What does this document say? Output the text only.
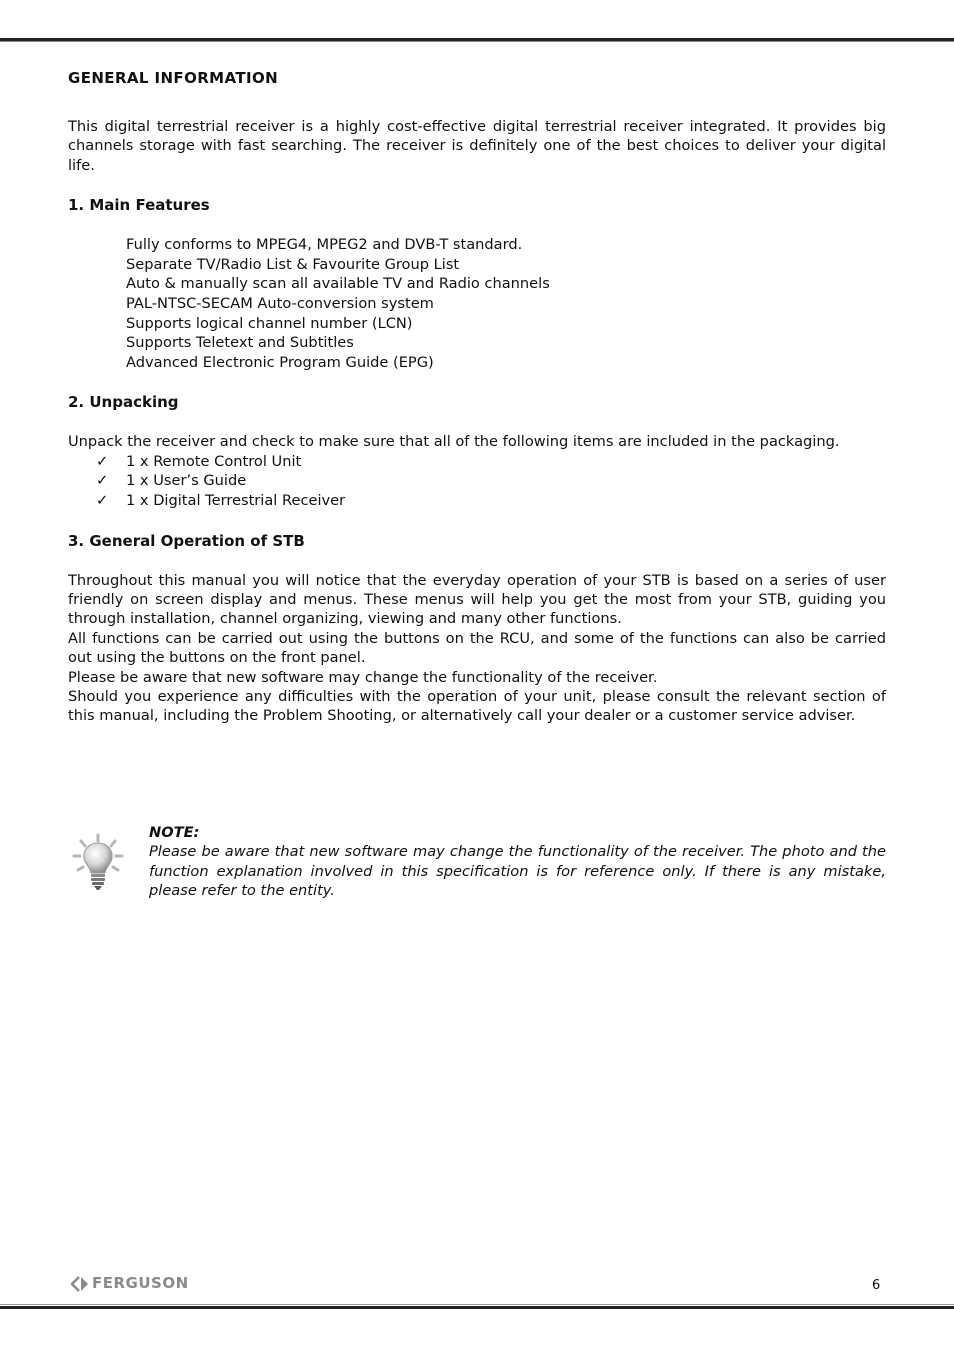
GENERAL INFORMATION

This digital terrestrial receiver is a highly cost-effective digital terrestrial receiver integrated. It provides big channels storage with fast searching. The receiver is definitely one of the best choices to deliver your digital life.

1. Main Features
Fully conforms to MPEG4, MPEG2 and DVB-T standard.
Separate TV/Radio List & Favourite Group List
Auto & manually scan all available TV and Radio channels
PAL-NTSC-SECAM Auto-conversion system
Supports logical channel number (LCN)
Supports Teletext and Subtitles
Advanced Electronic Program Guide (EPG)
2. Unpacking

Unpack the receiver and check to make sure that all of the following items are included in the packaging.

✓ 1 x Remote Control Unit
✓ 1 x User’s Guide
✓ 1 x Digital Terrestrial Receiver
3. General Operation of STB

Throughout this manual you will notice that the everyday operation of your STB is based on a series of user friendly on screen display and menus. These menus will help you get the most from your STB, guiding you through installation, channel organizing, viewing and many other functions.

All functions can be carried out using the buttons on the RCU, and some of the functions can also be carried out using the buttons on the front panel.

Please be aware that new software may change the functionality of the receiver.

Should you experience any difficulties with the operation of your unit, please consult the relevant section of this manual, including the Problem Shooting, or alternatively call your dealer or a customer service adviser.

NOTE:
Please be aware that new software may change the functionality of the receiver. The photo and the function explanation involved in this specification is for reference only. If there is any mistake, please refer to the entity.
FERGUSON	6
